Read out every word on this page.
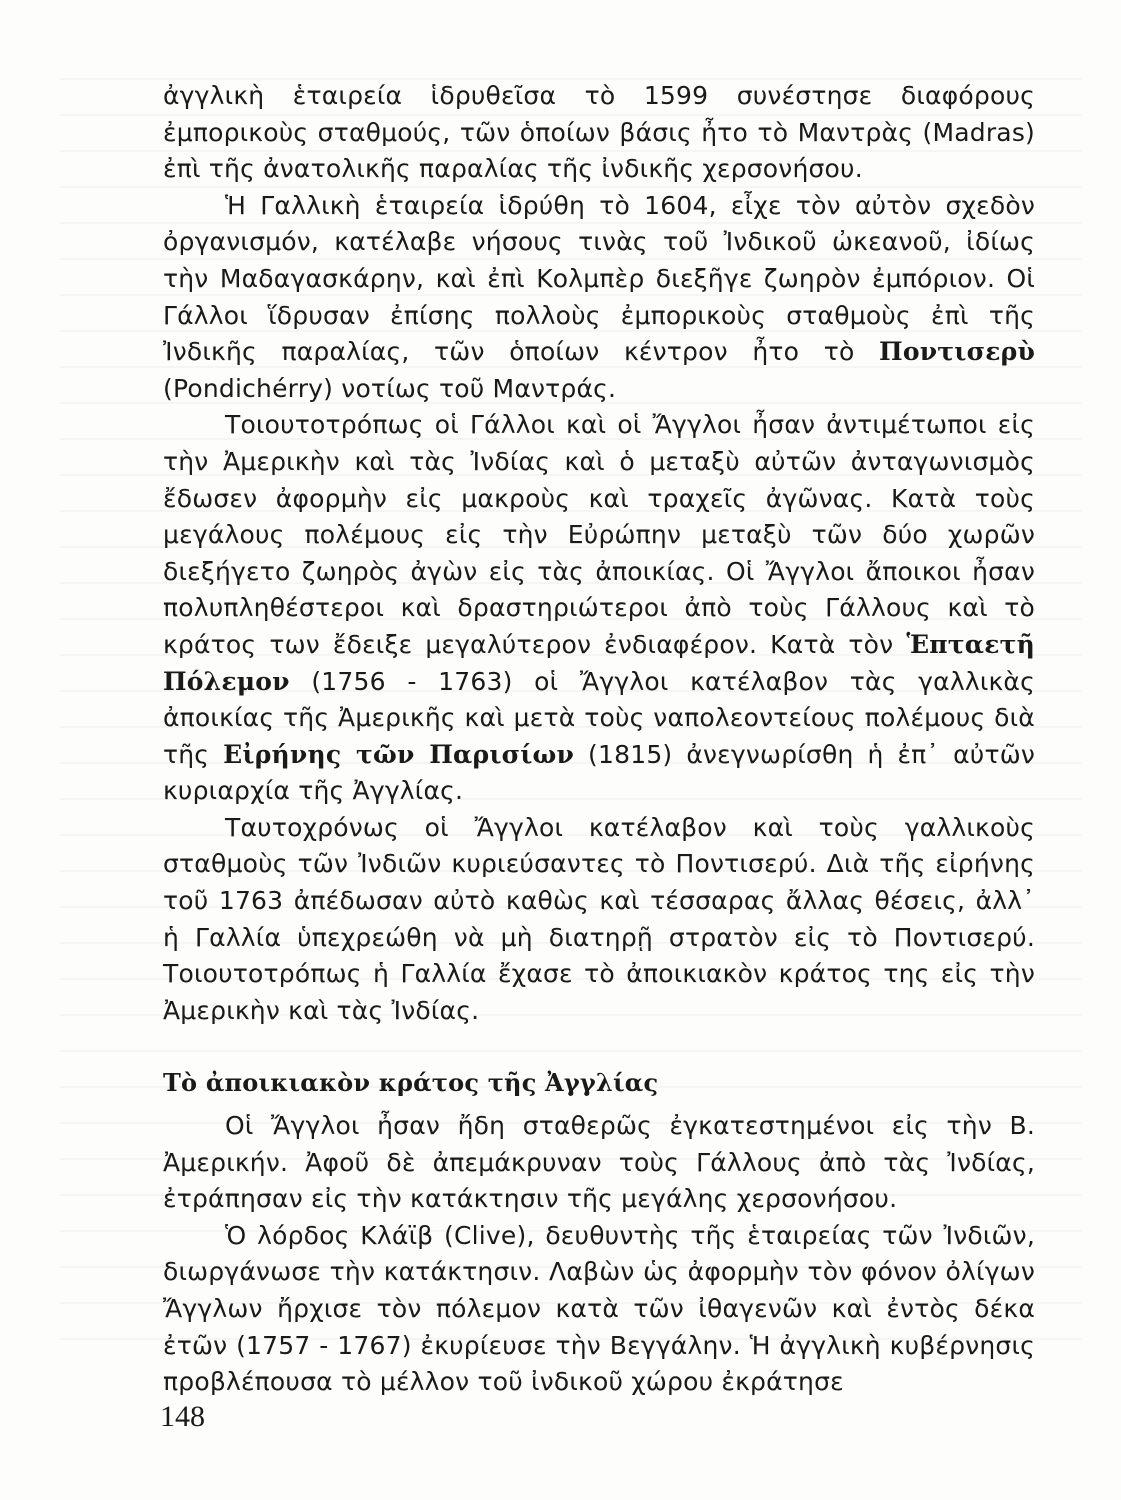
ἀγγλικὴ ἑταιρεία ἱδρυθεῖσα τὸ 1599 συνέστησε διαφόρους ἐμπορικοὺς σταθμούς, τῶν ὁποίων βάσις ἦτο τὸ Μαντρὰς (Madras) ἐπὶ τῆς ἀνατολικῆς παραλίας τῆς ἰνδικῆς χερσονήσου.

Ἡ Γαλλικὴ ἑταιρεία ἱδρύθη τὸ 1604, εἶχε τὸν αὐτὸν σχεδὸν ὀργανισμόν, κατέλαβε νήσους τινὰς τοῦ Ἰνδικοῦ ὠκεανοῦ, ἰδίως τὴν Μαδαγασκάρην, καὶ ἐπὶ Κολμπὲρ διεξῆγε ζωηρὸν ἐμπόριον. Οἱ Γάλλοι ἵδρυσαν ἐπίσης πολλοὺς ἐμπορικοὺς σταθμοὺς ἐπὶ τῆς Ἰνδικῆς παραλίας, τῶν ὁποίων κέντρον ἦτο τὸ Ποντισερὺ (Pondichérry) νοτίως τοῦ Μαντράς.

Τοιουτοτρόπως οἱ Γάλλοι καὶ οἱ Ἄγγλοι ἦσαν ἀντιμέτωποι εἰς τὴν Ἀμερικὴν καὶ τὰς Ἰνδίας καὶ ὁ μεταξὺ αὐτῶν ἀνταγωνισμὸς ἔδωσεν ἀφορμὴν εἰς μακροὺς καὶ τραχεῖς ἀγῶνας. Κατὰ τοὺς μεγάλους πολέμους εἰς τὴν Εὐρώπην μεταξὺ τῶν δύο χωρῶν διεξήγετο ζωηρὸς ἀγὼν εἰς τὰς ἀποικίας. Οἱ Ἄγγλοι ἄποικοι ἦσαν πολυπληθέστεροι καὶ δραστηριώτεροι ἀπὸ τοὺς Γάλλους καὶ τὸ κράτος των ἔδειξε μεγαλύτερον ἐνδιαφέρον. Κατὰ τὸν Ἑπταετῆ Πόλεμον (1756 - 1763) οἱ Ἄγγλοι κατέλαβον τὰς γαλλικὰς ἀποικίας τῆς Ἀμερικῆς καὶ μετὰ τοὺς ναπολεοντείους πολέμους διὰ τῆς Εἰρήνης τῶν Παρισίων (1815) ἀνεγνωρίσθη ἡ ἐπ᾽ αὐτῶν κυριαρχία τῆς Ἀγγλίας.

Ταυτοχρόνως οἱ Ἄγγλοι κατέλαβον καὶ τοὺς γαλλικοὺς σταθμοὺς τῶν Ἰνδιῶν κυριεύσαντες τὸ Ποντισερύ. Διὰ τῆς εἰρήνης τοῦ 1763 ἀπέδωσαν αὐτὸ καθὼς καὶ τέσσαρας ἄλλας θέσεις, ἀλλ᾽ ἡ Γαλλία ὑπεχρεώθη νὰ μὴ διατηρῇ στρατὸν εἰς τὸ Ποντισερύ. Τοιουτοτρόπως ἡ Γαλλία ἔχασε τὸ ἀποικιακὸν κράτος της εἰς τὴν Ἀμερικὴν καὶ τὰς Ἰνδίας.

Τὸ ἀποικιακὸν κράτος τῆς Ἀγγλίας

Οἱ Ἄγγλοι ἦσαν ἤδη σταθερῶς ἐγκατεστημένοι εἰς τὴν Β. Ἀμερικήν. Ἀφοῦ δὲ ἀπεμάκρυναν τοὺς Γάλλους ἀπὸ τὰς Ἰνδίας, ἐτράπησαν εἰς τὴν κατάκτησιν τῆς μεγάλης χερσονήσου.

Ὁ λόρδος Κλάϊβ (Clive), δευθυντὴς τῆς ἑταιρείας τῶν Ἰνδιῶν, διωργάνωσε τὴν κατάκτησιν. Λαβὼν ὡς ἀφορμὴν τὸν φόνον ὀλίγων Ἄγγλων ἤρχισε τὸν πόλεμον κατὰ τῶν ἰθαγενῶν καὶ ἐντὸς δέκα ἐτῶν (1757 - 1767) ἐκυρίευσε τὴν Βεγγάλην. Ἡ ἀγγλικὴ κυβέρνησις προβλέπουσα τὸ μέλλον τοῦ ἰνδικοῦ χώρου ἐκράτησε

148
